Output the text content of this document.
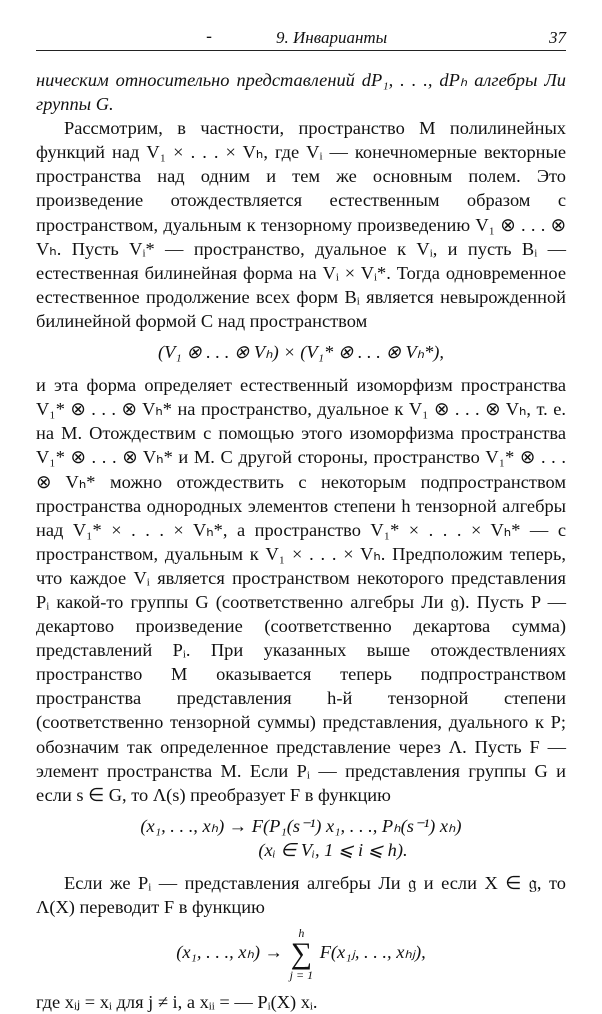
-	9. Инварианты	37

ническим относительно представлений dP₁, . . ., dPₕ алгебры Ли группы G.

Рассмотрим, в частности, пространство M полилинейных функций над V₁ × . . . × Vₕ, где Vᵢ — конечномерные векторные пространства над одним и тем же основным полем. Это произведение отождествляется естественным образом с пространством, дуальным к тензорному произведению V₁ ⊗ . . . ⊗ Vₕ. Пусть Vᵢ* — пространство, дуальное к Vᵢ, и пусть Bᵢ — естественная билинейная форма на Vᵢ × Vᵢ*. Тогда одновременное естественное продолжение всех форм Bᵢ является невырожденной билинейной формой C над пространством

(V₁ ⊗ . . . ⊗ Vₕ) × (V₁* ⊗ . . . ⊗ Vₕ*),

и эта форма определяет естественный изоморфизм пространства V₁* ⊗ . . . ⊗ Vₕ* на пространство, дуальное к V₁ ⊗ . . . ⊗ Vₕ, т. е. на M. Отождествим с помощью этого изоморфизма пространства V₁* ⊗ . . . ⊗ Vₕ* и M. С другой стороны, пространство V₁* ⊗ . . . ⊗ Vₕ* можно отождествить с некоторым подпространством пространства однородных элементов степени h тензорной алгебры над V₁* × . . . × Vₕ*, а пространство V₁* × . . . × Vₕ* — с пространством, дуальным к V₁ × . . . × Vₕ. Предположим теперь, что каждое Vᵢ является пространством некоторого представления Pᵢ какой-то группы G (соответственно алгебры Ли 𝔤). Пусть P — декартово произведение (соответственно декартова сумма) представлений Pᵢ. При указанных выше отождествлениях пространство M оказывается теперь подпространством пространства представления h-й тензорной степени (соответственно тензорной суммы) представления, дуального к P; обозначим так определенное представление через Λ. Пусть F — элемент пространства M. Если Pᵢ — представления группы G и если s ∈ G, то Λ(s) преобразует F в функцию

(x₁, . . ., xₕ) → F(P₁(s⁻¹) x₁, . . ., Pₕ(s⁻¹) xₕ)
(xᵢ ∈ Vᵢ, 1 ⩽ i ⩽ h).

Если же Pᵢ — представления алгебры Ли 𝔤 и если X ∈ 𝔤, то Λ(X) переводит F в функцию

(x₁, . . ., xₕ) →
h
∑
j = 1
F(x₁ⱼ, . . ., xₕⱼ),

где xᵢⱼ = xᵢ для j ≠ i, а xᵢᵢ = — Pᵢ(X) xᵢ.
